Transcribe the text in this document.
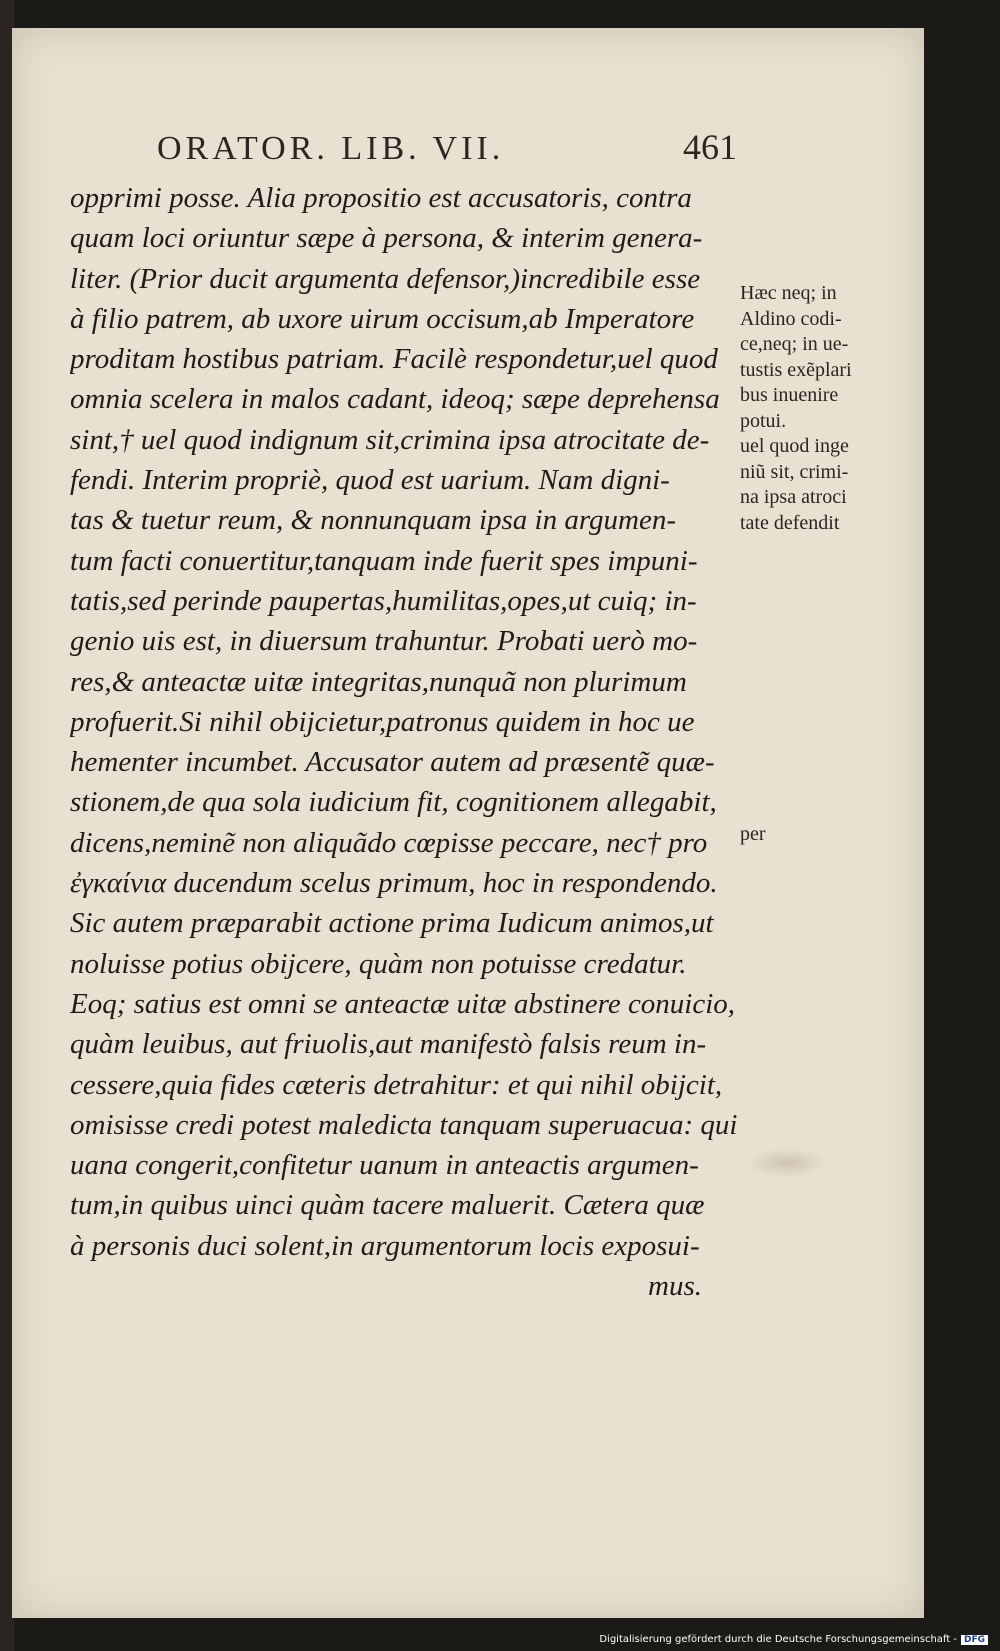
ORATOR. LIB. VII.	461
opprimi posse. Alia propositio est accusatoris, contra
quam loci oriuntur sæpe à persona, & interim genera-
liter. (Prior ducit argumenta defensor,)incredibile esse
à filio patrem, ab uxore uirum occisum,ab Imperatore
proditam hostibus patriam. Facilè respondetur,uel quod
omnia scelera in malos cadant, ideoq; sæpe deprehensa
sint,† uel quod indignum sit,crimina ipsa atrocitate de-
fendi. Interim propriè, quod est uarium. Nam digni-
tas & tuetur reum, & nonnunquam ipsa in argumen-
tum facti conuertitur,tanquam inde fuerit spes impuni-
tatis,sed perinde paupertas,humilitas,opes,ut cuiq; in-
genio uis est, in diuersum trahuntur. Probati uerò mo-
res,& anteactæ uitæ integritas,nunquã non plurimum
profuerit.Si nihil obijcietur,patronus quidem in hoc ue
hementer incumbet. Accusator autem ad præsentẽ quæ-
stionem,de qua sola iudicium fit, cognitionem allegabit,
dicens,neminẽ non aliquãdo cœpisse peccare, nec† pro
ἐγκαίνια ducendum scelus primum, hoc in respondendo.
Sic autem præparabit actione prima Iudicum animos,ut
noluisse potius obijcere, quàm non potuisse credatur.
Eoq; satius est omni se anteactæ uitæ abstinere conuicio,
quàm leuibus, aut friuolis,aut manifestò falsis reum in-
cessere,quia fides cæteris detrahitur: et qui nihil obijcit,
omisisse credi potest maledicta tanquam superuacua: qui
uana congerit,confitetur uanum in anteactis argumen-
tum,in quibus uinci quàm tacere maluerit. Cætera quæ
à personis duci solent,in argumentorum locis exposui-
mus.
Hæc neq; in
Aldino codi-
ce,neq; in ue-
tustis exẽplari
bus inuenire
potui.
uel quod inge
niũ sit, crimi-
na ipsa atroci
tate defendit
per
Digitalisierung gefördert durch die Deutsche Forschungsgemeinschaft - DFG
